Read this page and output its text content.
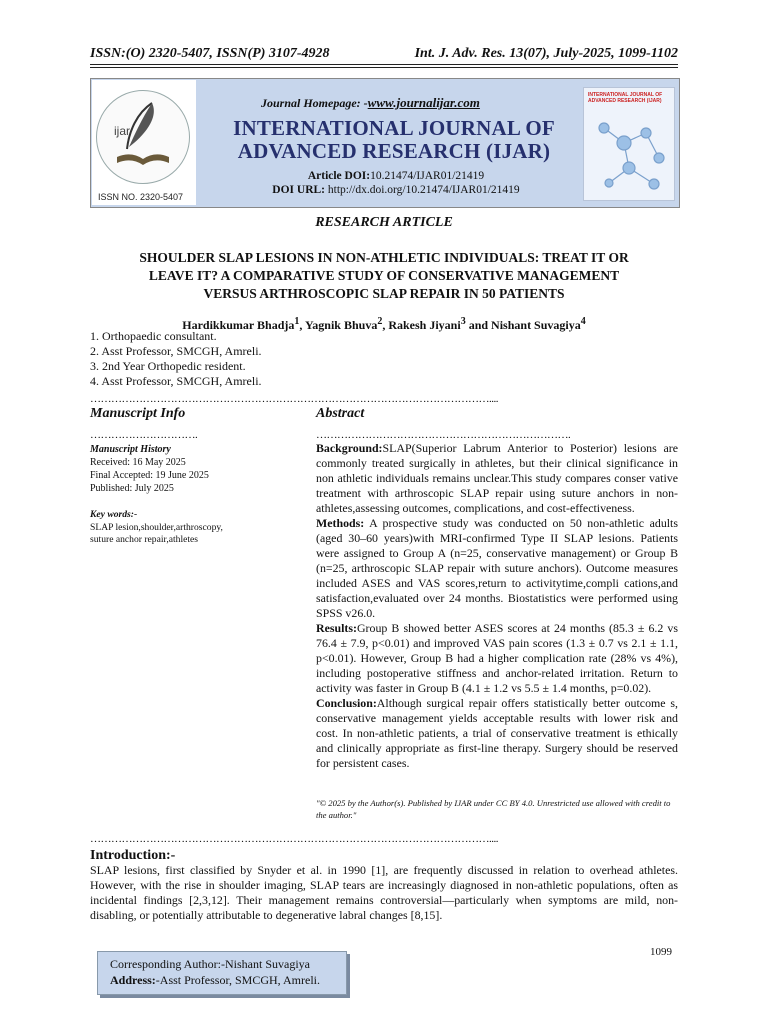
ISSN:(O) 2320-5407, ISSN(P) 3107-4928	Int. J. Adv. Res. 13(07), July-2025, 1099-1102
ijar
ISSN NO. 2320-5407
Journal Homepage: -www.journalijar.com
INTERNATIONAL JOURNAL OF
ADVANCED RESEARCH (IJAR)
Article DOI:10.21474/IJAR01/21419
DOI URL: http://dx.doi.org/10.21474/IJAR01/21419
INTERNATIONAL JOURNAL OF ADVANCED RESEARCH (IJAR)
RESEARCH ARTICLE
SHOULDER SLAP LESIONS IN NON-ATHLETIC INDIVIDUALS: TREAT IT OR
LEAVE IT? A COMPARATIVE STUDY OF CONSERVATIVE MANAGEMENT
VERSUS ARTHROSCOPIC SLAP REPAIR IN 50 PATIENTS
Hardikkumar Bhadja$^1$, Yagnik Bhuva$^2$, Rakesh Jiyani$^3$ and Nishant Suvagiya$^4$
1. Orthopaedic consultant.
2. Asst Professor, SMCGH, Amreli.
3. 2nd Year Orthopedic resident.
4. Asst Professor, SMCGH, Amreli.
……………………………………………………………………………………………………....
Manuscript Info	Abstract
………………………….	……………………………………………………………….
Manuscript History
Received: 16 May 2025
Final Accepted: 19 June 2025
Published: July 2025
Key words:-
SLAP lesion,shoulder,arthroscopy,
suture anchor repair,athletes

Background:SLAP(Superior Labrum Anterior to Posterior) lesions are commonly treated surgically in athletes, but their clinical significance in non athletic individuals remains unclear.This study compares conser vative treatment with arthroscopic SLAP repair using suture anchors in non-athletes,assessing outcomes, complications, and cost-effectiveness.

Methods: A prospective study was conducted on 50 non-athletic adults (aged 30–60 years)with MRI-confirmed Type II SLAP lesions. Patients were assigned to Group A (n=25, conservative management) or Group B (n=25, arthroscopic SLAP repair with suture anchors). Outcome measures included ASES and VAS scores,return to activitytime,compli cations,and satisfaction,evaluated over 24 months. Biostatistics were performed using SPSS v26.0.

Results:Group B showed better ASES scores at 24 months (85.3 ± 6.2 vs 76.4 ± 7.9, p<0.01) and improved VAS pain scores (1.3 ± 0.7 vs 2.1 ± 1.1, p<0.01). However, Group B had a higher complication rate (28% vs 4%), including postoperative stiffness and anchor-related irritation. Return to activity was faster in Group B (4.1 ± 1.2 vs 5.5 ± 1.4 months, p=0.02).

Conclusion:Although surgical repair offers statistically better outcome s, conservative management yields acceptable results with lower risk and cost. In non-athletic patients, a trial of conservative treatment is ethically and clinically appropriate as first-line therapy. Surgery should be reserved for persistent cases.

"© 2025 by the Author(s). Published by IJAR under CC BY 4.0. Unrestricted use allowed with credit to the author."
……………………………………………………………………………………………………....
Introduction:-

SLAP lesions, first classified by Snyder et al. in 1990 [1], are frequently discussed in relation to overhead athletes. However, with the rise in shoulder imaging, SLAP tears are increasingly diagnosed in non-athletic populations, often as incidental findings [2,3,12]. Their management remains controversial—particularly when symptoms are mild, non-disabling, or potentially attributable to degenerative labral changes [8,15].

Corresponding Author:-Nishant Suvagiya
Address:-Asst Professor, SMCGH, Amreli.
1099
